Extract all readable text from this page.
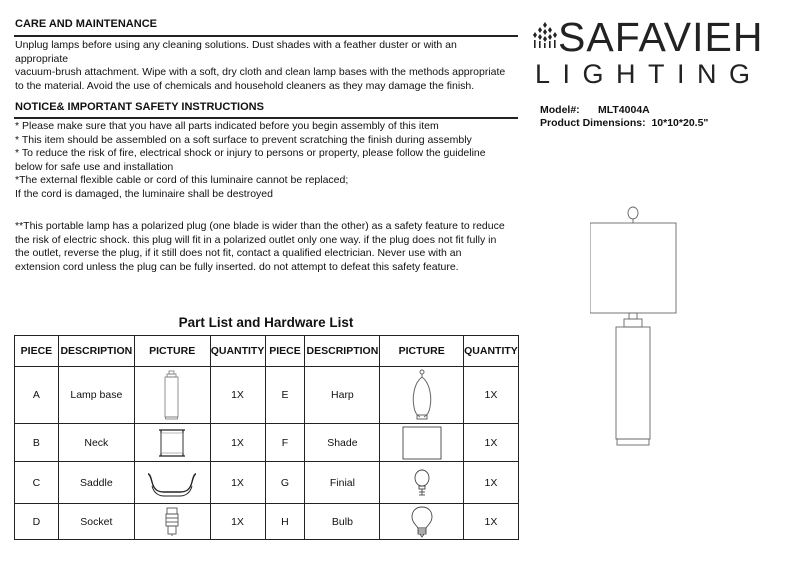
CARE AND MAINTENANCE
Unplug lamps before using any cleaning solutions. Dust shades with a feather duster or with an
appropriate
vacuum-brush attachment. Wipe with a soft, dry cloth and clean lamp bases with the methods appropriate
to the material. Avoid the use of chemicals and household cleaners as they may damage the finish.
NOTICE& IMPORTANT SAFETY INSTRUCTIONS
* Please make sure that you have all parts indicated before you begin assembly of this item
* This item should be assembled on a soft surface to prevent scratching the finish during assembly
* To reduce the risk of fire, electrical shock or injury to persons or property, please follow the guideline
below for safe use and installation
*The external flexible cable or cord of this luminaire cannot be replaced;
If the cord is damaged, the luminaire shall be destroyed
**This portable lamp has a polarized plug (one blade is wider than the other) as a safety feature to reduce
the risk of electric shock. this plug will fit in a polarized outlet only one way. if the plug does not fit fully in
the outlet, reverse the plug, if it still does not fit, contact a qualified electrician. Never use with an
extension cord unless the plug can be fully inserted. do not attempt to defeat this safety feature.
SAFAVIEH
LIGHTING
Model#: MLT4004A
Product Dimensions: 10*10*20.5"
Part List and Hardware List
PIECE	DESCRIPTION	PICTURE	QUANTITY	PIECE	DESCRIPTION	PICTURE	QUANTITY
A	Lamp base		1X	E	Harp		1X
B	Neck		1X	F	Shade		1X
C	Saddle		1X	G	Finial		1X
D	Socket		1X	H	Bulb		1X
